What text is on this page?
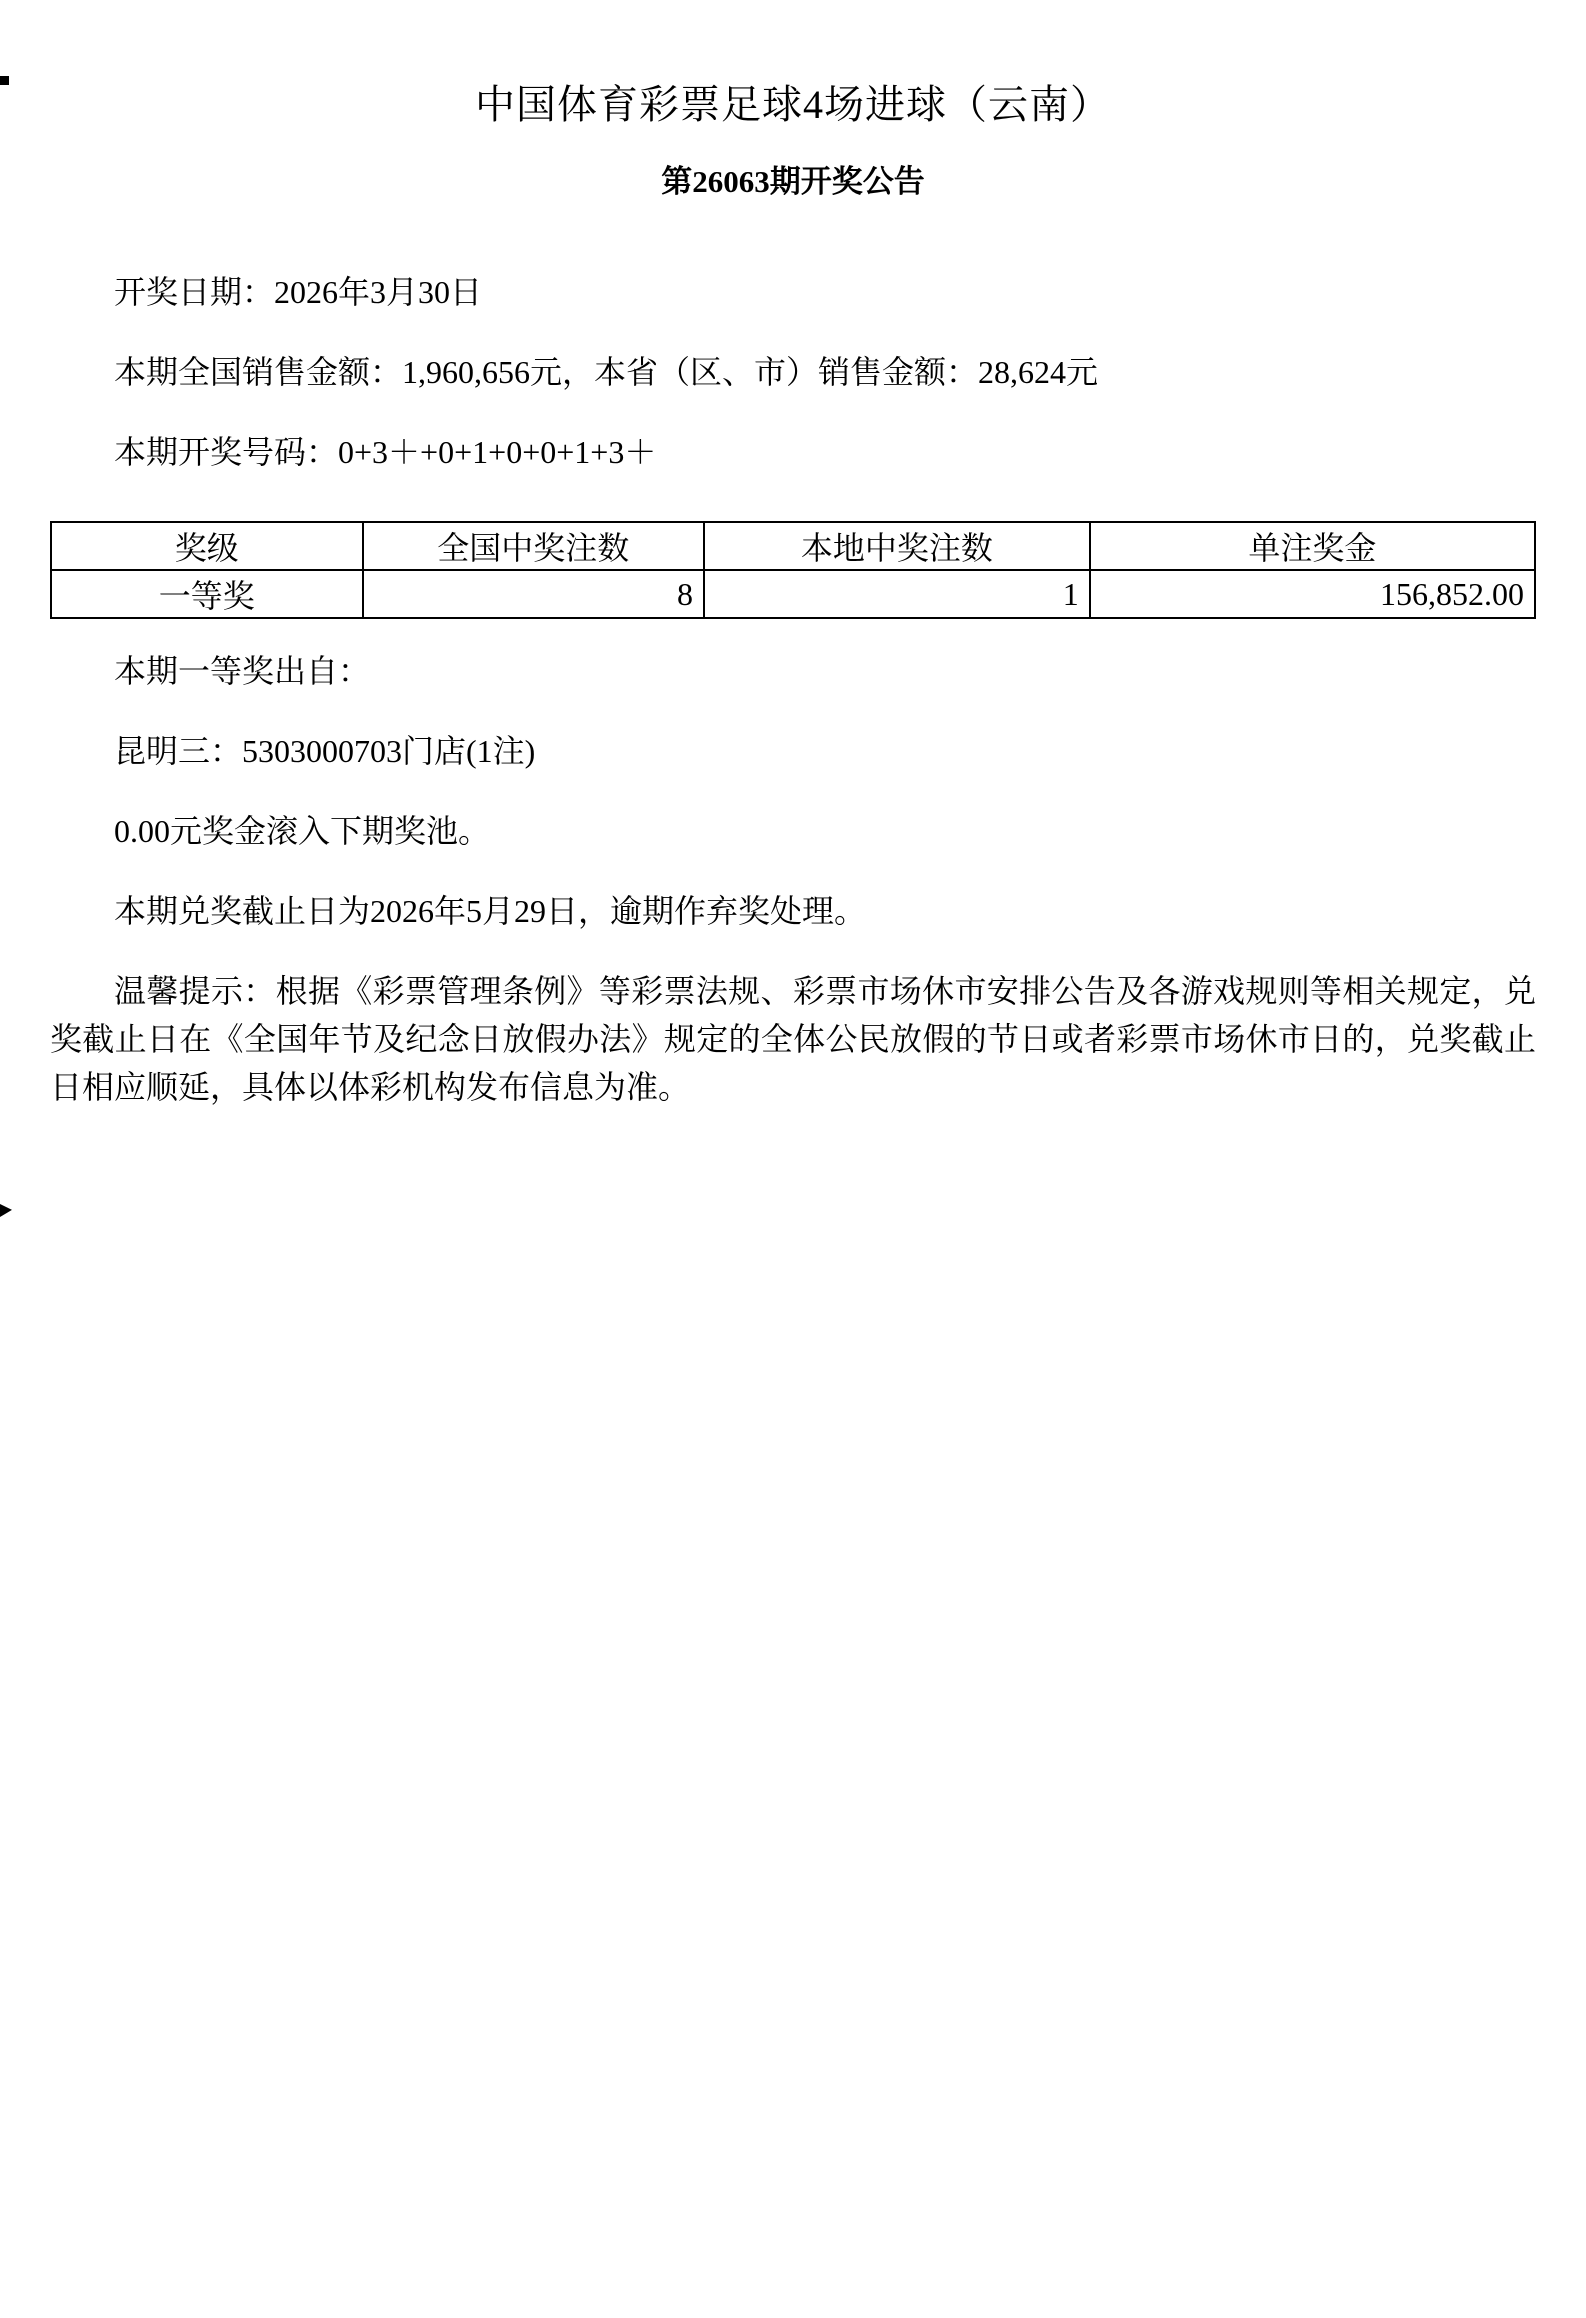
中国体育彩票足球4场进球（云南）
第26063期开奖公告

开奖日期：2026年3月30日

本期全国销售金额：1,960,656元，本省（区、市）销售金额：28,624元

本期开奖号码：0+3＋+0+1+0+0+1+3＋

奖级	全国中奖注数	本地中奖注数	单注奖金
一等奖	8	1	156,852.00

本期一等奖出自：

昆明三：5303000703门店(1注)

0.00元奖金滚入下期奖池。

本期兑奖截止日为2026年5月29日，逾期作弃奖处理。

温馨提示：根据《彩票管理条例》等彩票法规、彩票市场休市安排公告及各游戏规则等相关规定，兑奖截止日在《全国年节及纪念日放假办法》规定的全体公民放假的节日或者彩票市场休市日的，兑奖截止日相应顺延，具体以体彩机构发布信息为准。
